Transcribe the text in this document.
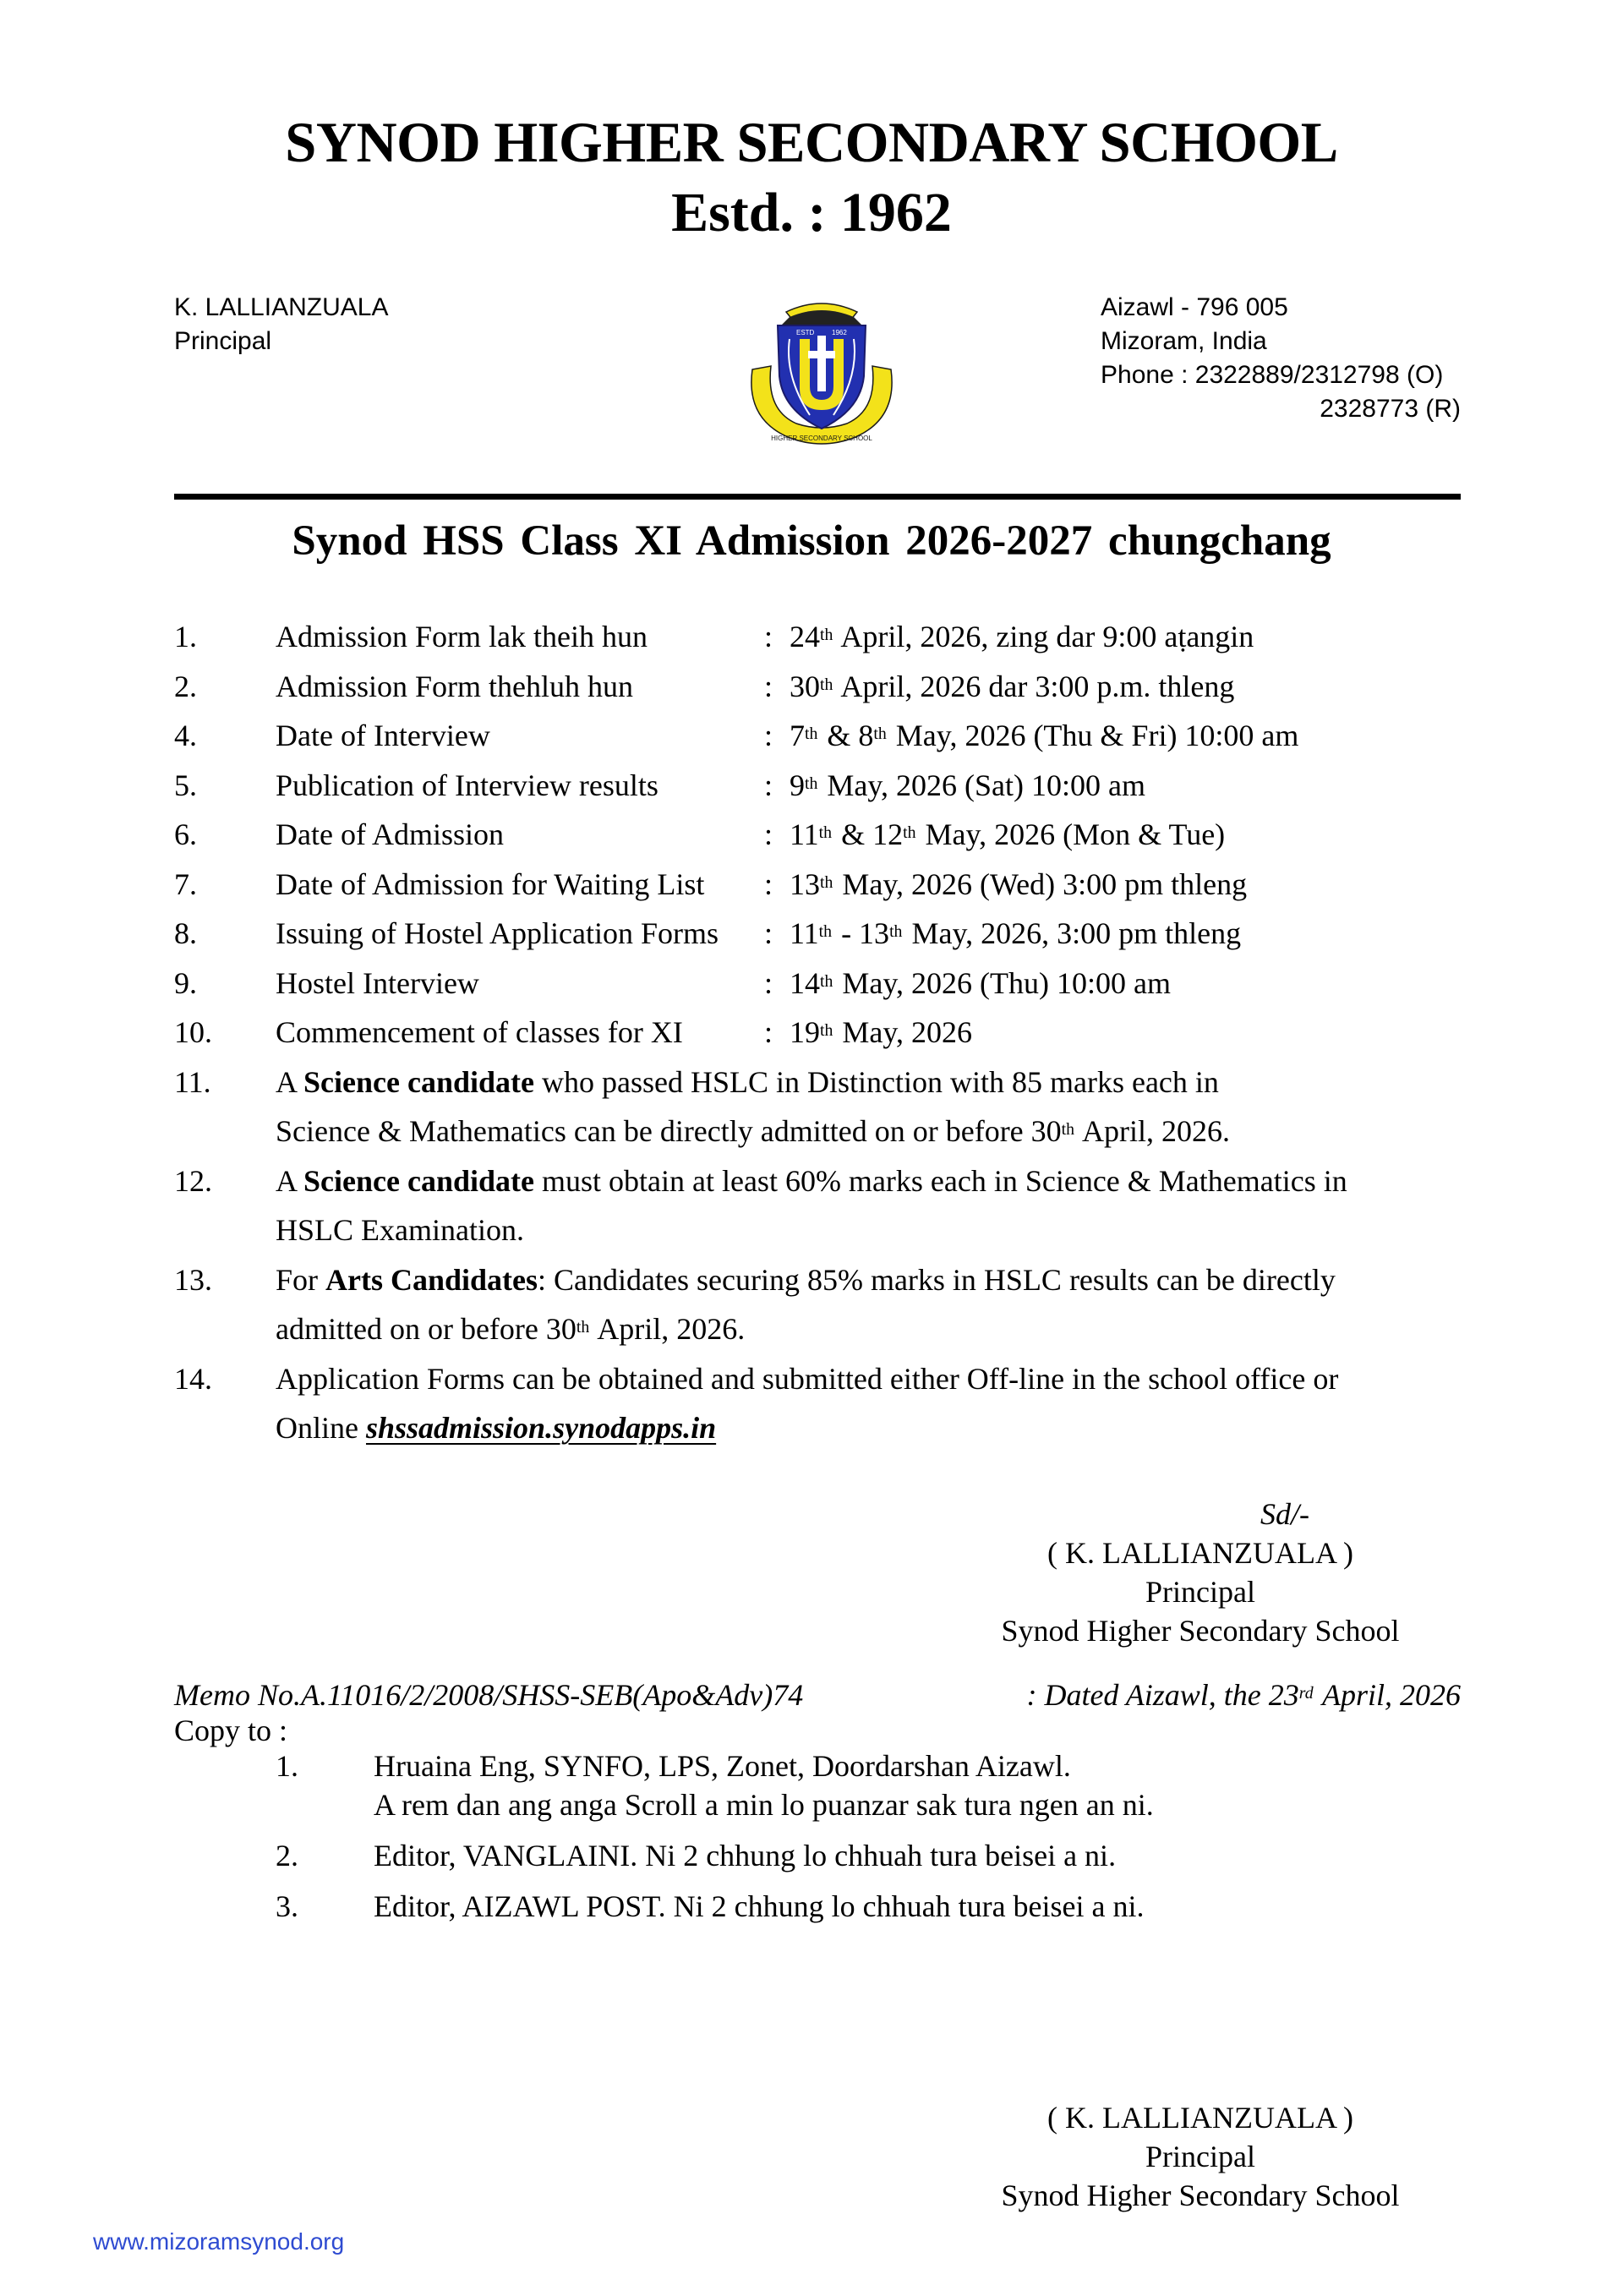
SYNOD HIGHER SECONDARY SCHOOL
Estd. : 1962
K. LALLIANZUALA
Principal	ESTD	1962
HIGHER SECONDARY SCHOOL
Aizawl - 796 005
Mizoram, India
Phone : 2322889/2312798 (O)
2328773 (R)
Synod HSS Class XI Admission 2026-2027 chungchang
1.	Admission Form lak theih hun	: 24th April, 2026, zing dar 9:00 aṭangin
2.	Admission Form thehluh hun	: 30th April, 2026 dar 3:00 p.m. thleng
4.	Date of Interview	: 7th & 8th May, 2026 (Thu & Fri) 10:00 am
5.	Publication of Interview results	: 9th May, 2026 (Sat) 10:00 am
6.	Date of Admission	: 11th & 12th May, 2026 (Mon & Tue)
7.	Date of Admission for Waiting List	: 13th May, 2026 (Wed) 3:00 pm thleng
8.	Issuing of Hostel Application Forms	: 11th - 13th May, 2026, 3:00 pm thleng
9.	Hostel Interview	: 14th May, 2026 (Thu) 10:00 am
10.	Commencement of classes for XI	: 19th May, 2026
11.	A Science candidate who passed HSLC in Distinction with 85 marks each in
Science & Mathematics can be directly admitted on or before 30th April, 2026.
12.	A Science candidate must obtain at least 60% marks each in Science & Mathematics in
HSLC Examination.
13.	For Arts Candidates: Candidates securing 85% marks in HSLC results can be directly
admitted on or before 30th April, 2026.
14.	Application Forms can be obtained and submitted either Off-line in the school office or
Online shssadmission.synodapps.in
Sd/-
( K. LALLIANZUALA )
Principal
Synod Higher Secondary School
Memo No.A.11016/2/2008/SHSS-SEB(Apo&Adv)74	: Dated Aizawl, the 23rd April, 2026
Copy to :
1.	Hruaina Eng, SYNFO, LPS, Zonet, Doordarshan Aizawl.
A rem dan ang anga Scroll a min lo puanzar sak tura ngen an ni.
2.	Editor, VANGLAINI. Ni 2 chhung lo chhuah tura beisei a ni.
3.	Editor, AIZAWL POST. Ni 2 chhung lo chhuah tura beisei a ni.
( K. LALLIANZUALA )
Principal
Synod Higher Secondary School
www.mizoramsynod.org
